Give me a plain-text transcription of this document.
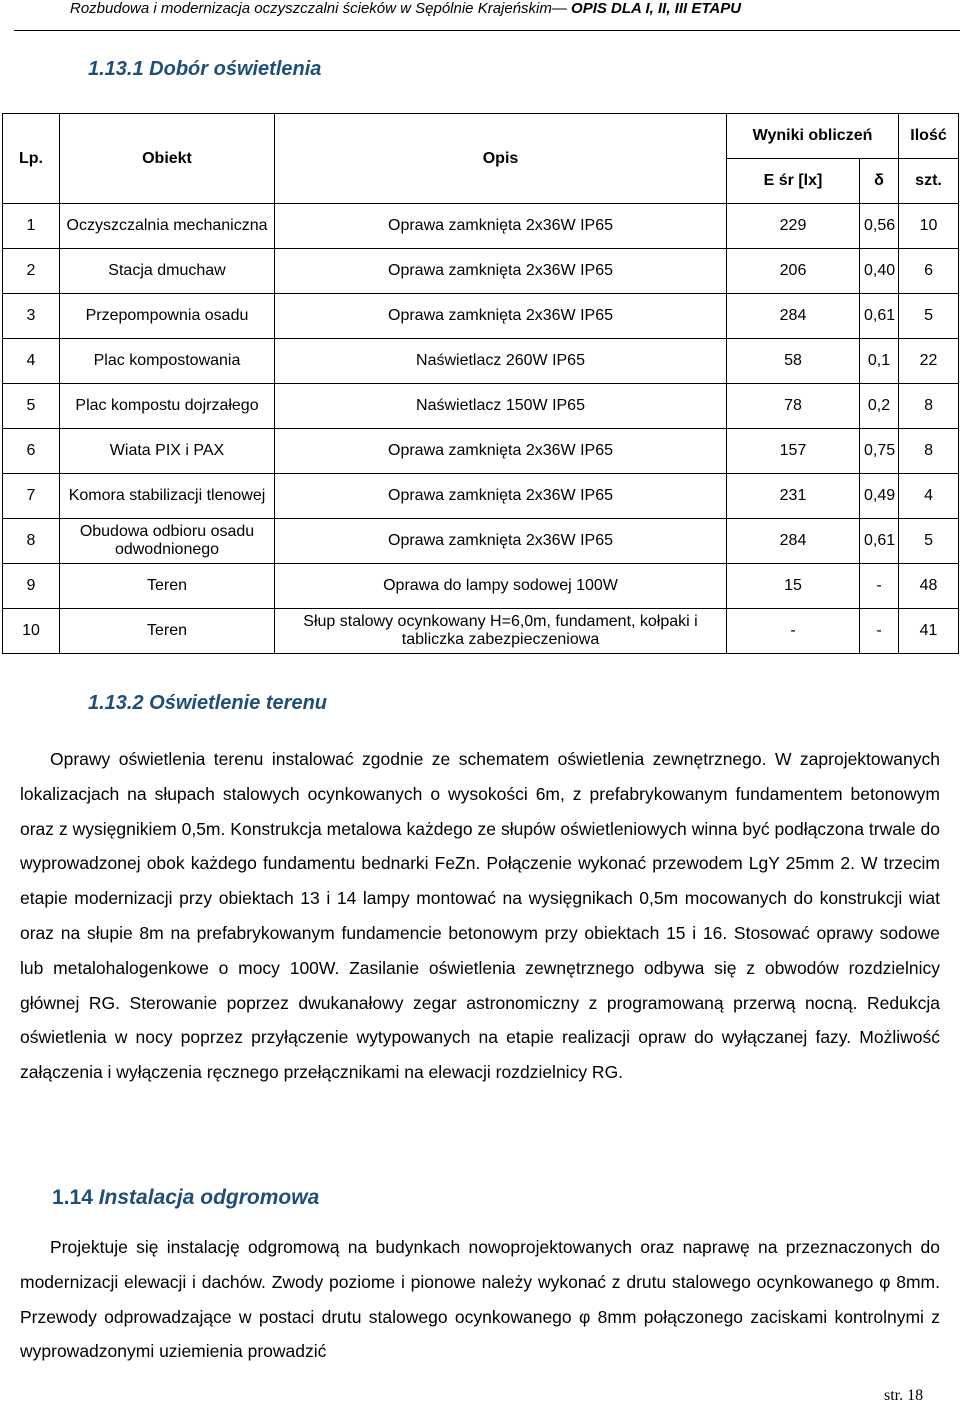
Rozbudowa i modernizacja oczyszczalni ścieków w Sępólnie Krajeńskim— OPIS DLA I, II, III ETAPU
1.13.1 Dobór oświetlenia
Lp.	Obiekt	Opis	Wyniki obliczeń		Ilość
			E śr [lx]	δ	szt.
1	Oczyszczalnia mechaniczna	Oprawa zamknięta 2x36W IP65	229	0,56	10
2	Stacja dmuchaw	Oprawa zamknięta 2x36W IP65	206	0,40	6
3	Przepompownia osadu	Oprawa zamknięta 2x36W IP65	284	0,61	5
4	Plac kompostowania	Naświetlacz 260W IP65	58	0,1	22
5	Plac kompostu dojrzałego	Naświetlacz 150W IP65	78	0,2	8
6	Wiata PIX i PAX	Oprawa zamknięta 2x36W IP65	157	0,75	8
7	Komora stabilizacji tlenowej	Oprawa zamknięta 2x36W IP65	231	0,49	4
8	Obudowa odbioru osadu odwodnionego	Oprawa zamknięta 2x36W IP65	284	0,61	5
9	Teren	Oprawa do lampy sodowej 100W	15	-	48
10	Teren	Słup stalowy ocynkowany H=6,0m, fundament, kołpaki i tabliczka zabezpieczeniowa	-	-	41
1.13.2 Oświetlenie terenu

Oprawy oświetlenia terenu instalować zgodnie ze schematem oświetlenia zewnętrznego. W zaprojektowanych lokalizacjach na słupach stalowych ocynkowanych o wysokości 6m, z prefabrykowanym fundamentem betonowym oraz z wysięgnikiem 0,5m. Konstrukcja metalowa każdego ze słupów oświetleniowych winna być podłączona trwale do wyprowadzonej obok każdego fundamentu bednarki FeZn. Połączenie wykonać przewodem LgY 25mm 2. W trzecim etapie modernizacji przy obiektach 13 i 14 lampy montować na wysięgnikach 0,5m mocowanych do konstrukcji wiat oraz na słupie 8m na prefabrykowanym fundamencie betonowym przy obiektach 15 i 16. Stosować oprawy sodowe lub metalohalogenkowe o mocy 100W. Zasilanie oświetlenia zewnętrznego odbywa się z obwodów rozdzielnicy głównej RG. Sterowanie poprzez dwukanałowy zegar astronomiczny z programowaną przerwą nocną. Redukcja oświetlenia w nocy poprzez przyłączenie wytypowanych na etapie realizacji opraw do wyłączanej fazy. Możliwość załączenia i wyłączenia ręcznego przełącznikami na elewacji rozdzielnicy RG.

1.14 Instalacja odgromowa

Projektuje się instalację odgromową na budynkach nowoprojektowanych oraz naprawę na przeznaczonych do modernizacji elewacji i dachów. Zwody poziome i pionowe należy wykonać z drutu stalowego ocynkowanego φ 8mm. Przewody odprowadzające w postaci drutu stalowego ocynkowanego φ 8mm połączonego zaciskami kontrolnymi z wyprowadzonymi uziemienia prowadzić

str. 18
